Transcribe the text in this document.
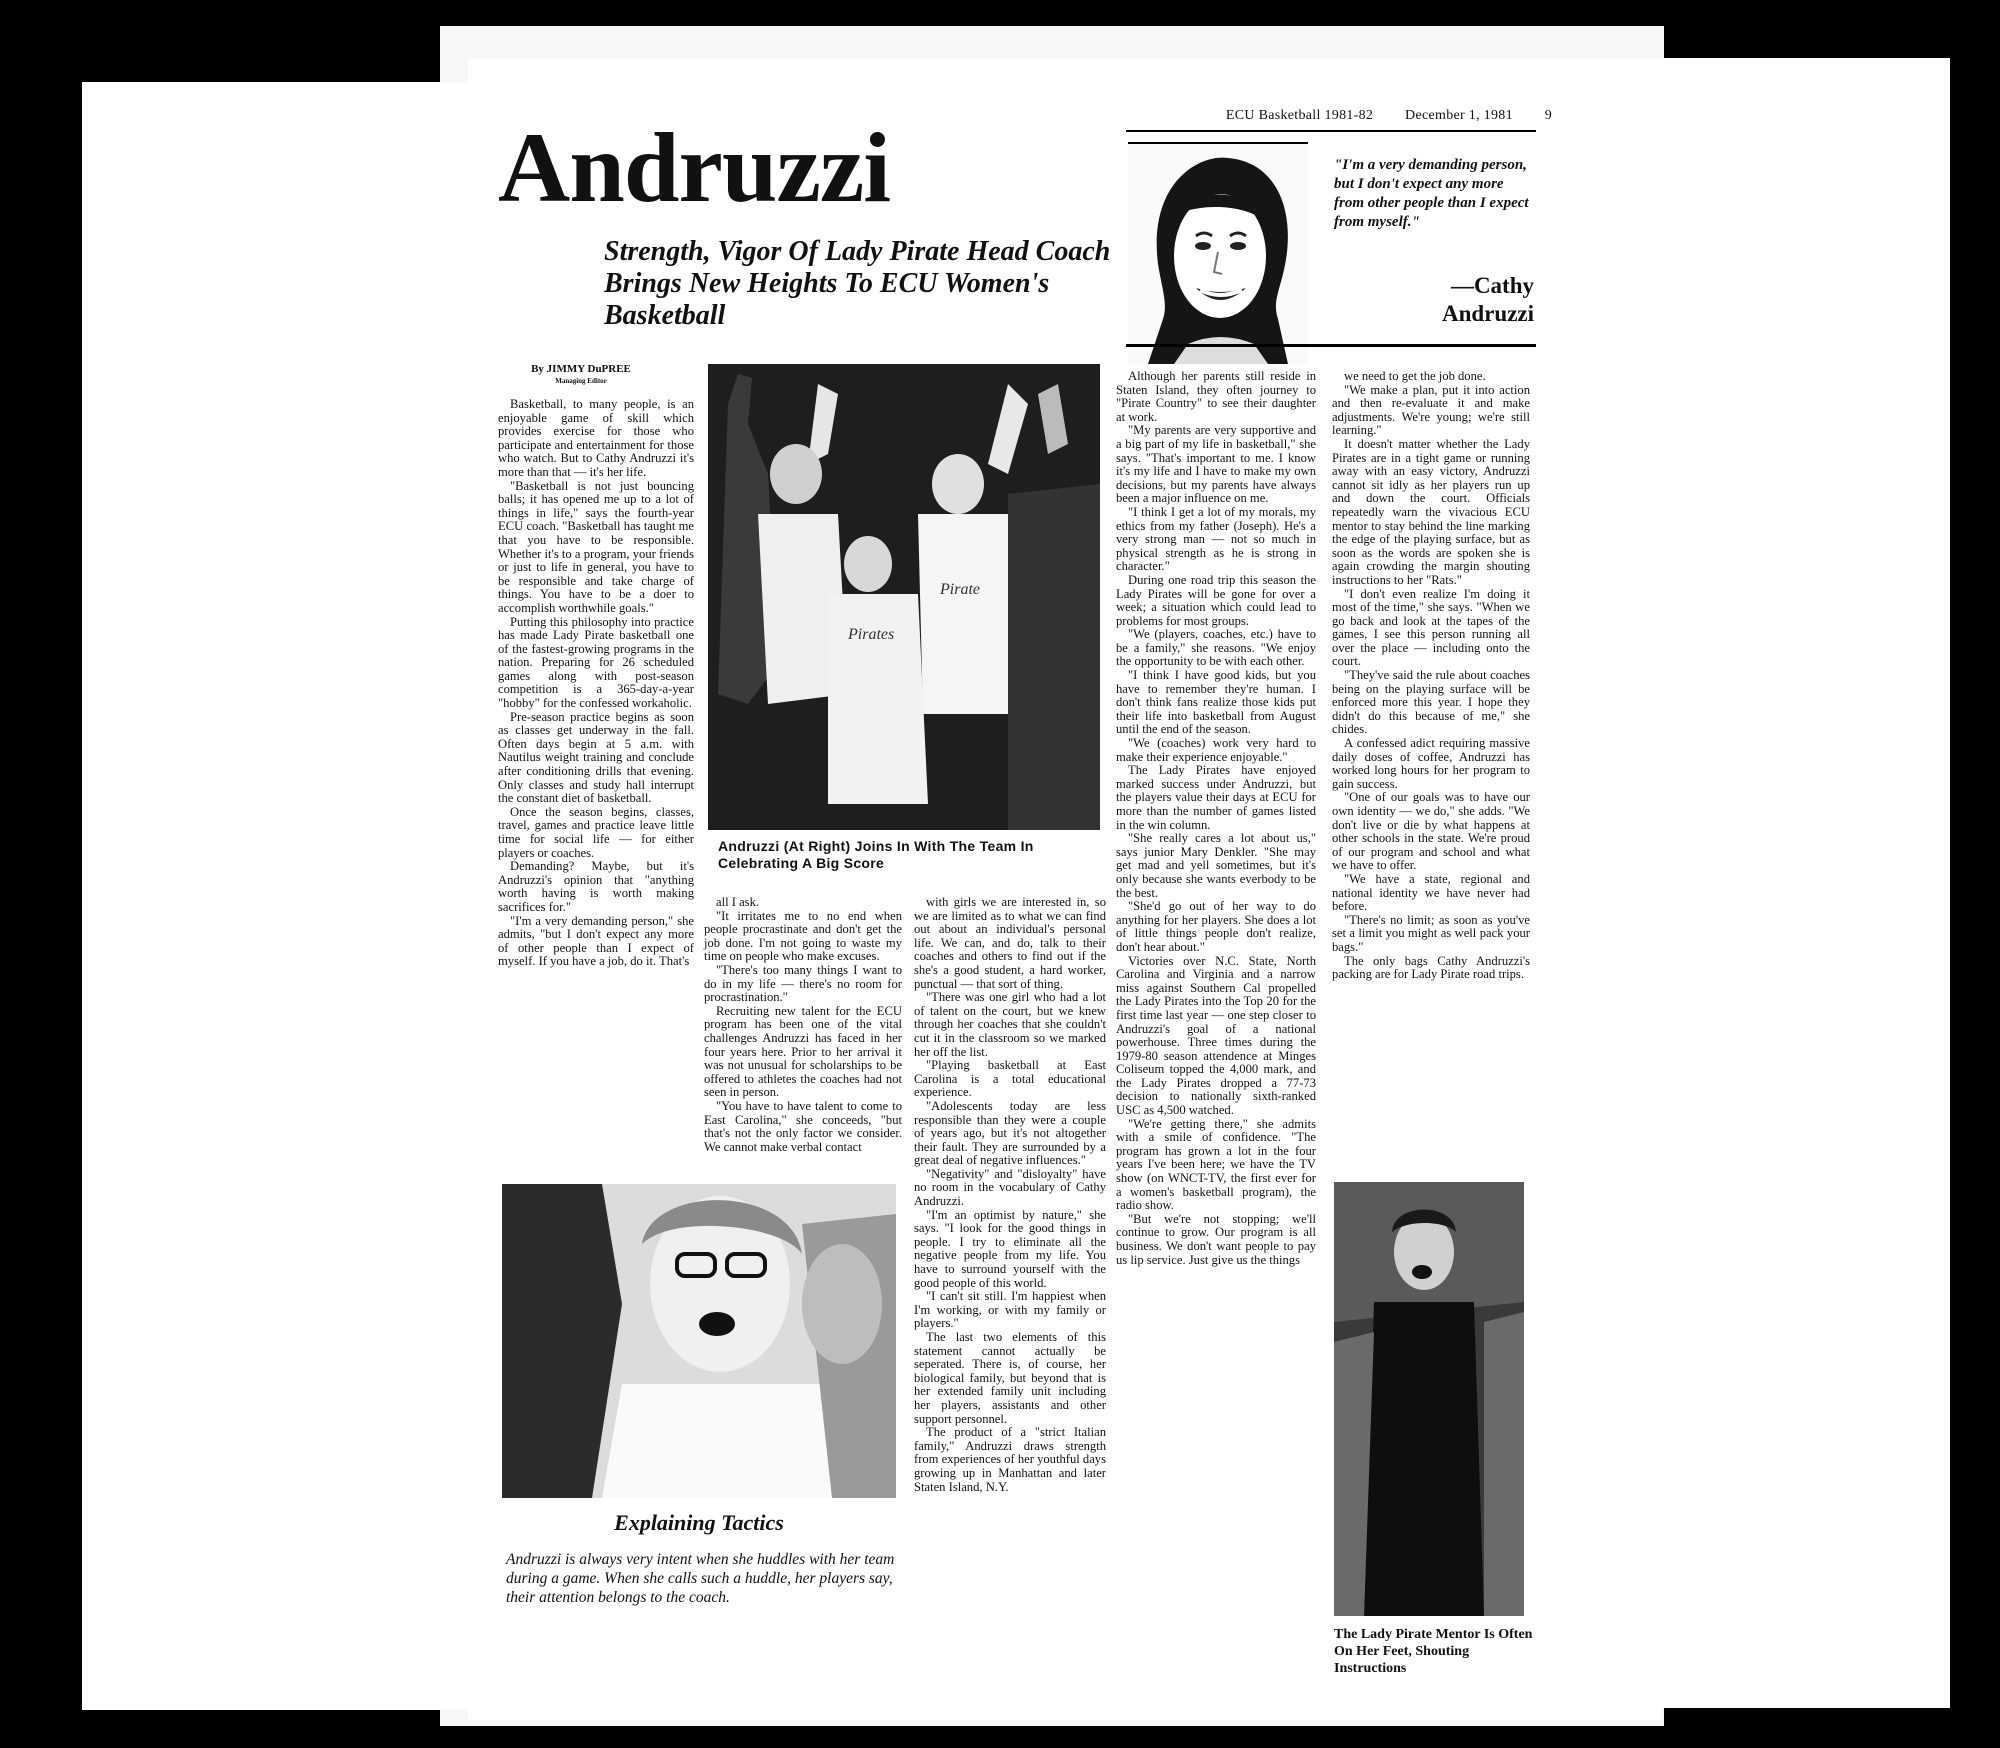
ECU Basketball 1981-82 December 1, 1981 9
Andruzzi
Strength, Vigor Of Lady Pirate Head Coach Brings New Heights To ECU Women's Basketball
"I'm a very demanding person, but I don't expect any more from other people than I expect from myself."
—Cathy Andruzzi
By JIMMY DuPREE
Managing Editor

Basketball, to many people, is an enjoyable game of skill which provides exercise for those who participate and entertainment for those who watch. But to Cathy Andruzzi it's more than that — it's her life.

"Basketball is not just bouncing balls; it has opened me up to a lot of things in life," says the fourth-year ECU coach. "Basketball has taught me that you have to be responsible. Whether it's to a program, your friends or just to life in general, you have to be responsible and take charge of things. You have to be a doer to accomplish worthwhile goals."

Putting this philosophy into practice has made Lady Pirate basketball one of the fastest-growing programs in the nation. Preparing for 26 scheduled games along with post-season competition is a 365-day-a-year "hobby" for the confessed workaholic.

Pre-season practice begins as soon as classes get underway in the fall. Often days begin at 5 a.m. with Nautilus weight training and conclude after conditioning drills that evening. Only classes and study hall interrupt the constant diet of basketball.

Once the season begins, classes, travel, games and practice leave little time for social life — for either players or coaches.

Demanding? Maybe, but it's Andruzzi's opinion that "anything worth having is worth making sacrifices for."

"I'm a very demanding person," she admits, "but I don't expect any more of other people than I expect of myself. If you have a job, do it. That's

Pirates
Pirate
Andruzzi (At Right) Joins In With The Team In Celebrating A Big Score

all I ask.

"It irritates me to no end when people procrastinate and don't get the job done. I'm not going to waste my time on people who make excuses.

"There's too many things I want to do in my life — there's no room for procrastination."

Recruiting new talent for the ECU program has been one of the vital challenges Andruzzi has faced in her four years here. Prior to her arrival it was not unusual for scholarships to be offered to athletes the coaches had not seen in person.

"You have to have talent to come to East Carolina," she conceeds, "but that's not the only factor we consider. We cannot make verbal contact

with girls we are interested in, so we are limited as to what we can find out about an individual's personal life. We can, and do, talk to their coaches and others to find out if the she's a good student, a hard worker, punctual — that sort of thing.

"There was one girl who had a lot of talent on the court, but we knew through her coaches that she couldn't cut it in the classroom so we marked her off the list.

"Playing basketball at East Carolina is a total educational experience.

"Adolescents today are less responsible than they were a couple of years ago, but it's not altogether their fault. They are surrounded by a great deal of negative influences."

"Negativity" and "disloyalty" have no room in the vocabulary of Cathy Andruzzi.

"I'm an optimist by nature," she says. "I look for the good things in people. I try to eliminate all the negative people from my life. You have to surround yourself with the good people of this world.

"I can't sit still. I'm happiest when I'm working, or with my family or players."

The last two elements of this statement cannot actually be seperated. There is, of course, her biological family, but beyond that is her extended family unit including her players, assistants and other support personnel.

The product of a "strict Italian family," Andruzzi draws strength from experiences of her youthful days growing up in Manhattan and later Staten Island, N.Y.

Explaining Tactics
Andruzzi is always very intent when she huddles with her team during a game. When she calls such a huddle, her players say, their attention belongs to the coach.

Although her parents still reside in Staten Island, they often journey to "Pirate Country" to see their daughter at work.

"My parents are very supportive and a big part of my life in basketball," she says. "That's important to me. I know it's my life and I have to make my own decisions, but my parents have always been a major influence on me.

"I think I get a lot of my morals, my ethics from my father (Joseph). He's a very strong man — not so much in physical strength as he is strong in character."

During one road trip this season the Lady Pirates will be gone for over a week; a situation which could lead to problems for most groups.

"We (players, coaches, etc.) have to be a family," she reasons. "We enjoy the opportunity to be with each other.

"I think I have good kids, but you have to remember they're human. I don't think fans realize those kids put their life into basketball from August until the end of the season.

"We (coaches) work very hard to make their experience enjoyable."

The Lady Pirates have enjoyed marked success under Andruzzi, but the players value their days at ECU for more than the number of games listed in the win column.

"She really cares a lot about us," says junior Mary Denkler. "She may get mad and yell sometimes, but it's only because she wants everbody to be the best.

"She'd go out of her way to do anything for her players. She does a lot of little things people don't realize, don't hear about."

Victories over N.C. State, North Carolina and Virginia and a narrow miss against Southern Cal propelled the Lady Pirates into the Top 20 for the first time last year — one step closer to Andruzzi's goal of a national powerhouse. Three times during the 1979-80 season attendence at Minges Coliseum topped the 4,000 mark, and the Lady Pirates dropped a 77-73 decision to nationally sixth-ranked USC as 4,500 watched.

"We're getting there," she admits with a smile of confidence. "The program has grown a lot in the four years I've been here; we have the TV show (on WNCT-TV, the first ever for a women's basketball program), the radio show.

"But we're not stopping; we'll continue to grow. Our program is all business. We don't want people to pay us lip service. Just give us the things

we need to get the job done.

"We make a plan, put it into action and then re-evaluate it and make adjustments. We're young; we're still learning."

It doesn't matter whether the Lady Pirates are in a tight game or running away with an easy victory, Andruzzi cannot sit idly as her players run up and down the court. Officials repeatedly warn the vivacious ECU mentor to stay behind the line marking the edge of the playing surface, but as soon as the words are spoken she is again crowding the margin shouting instructions to her "Rats."

"I don't even realize I'm doing it most of the time," she says. "When we go back and look at the tapes of the games, I see this person running all over the place — including onto the court.

"They've said the rule about coaches being on the playing surface will be enforced more this year. I hope they didn't do this because of me," she chides.

A confessed adict requiring massive daily doses of coffee, Andruzzi has worked long hours for her program to gain success.

"One of our goals was to have our own identity — we do," she adds. "We don't live or die by what happens at other schools in the state. We're proud of our program and school and what we have to offer.

"We have a state, regional and national identity we have never had before.

"There's no limit; as soon as you've set a limit you might as well pack your bags."

The only bags Cathy Andruzzi's packing are for Lady Pirate road trips.

The Lady Pirate Mentor Is Often On Her Feet, Shouting Instructions
